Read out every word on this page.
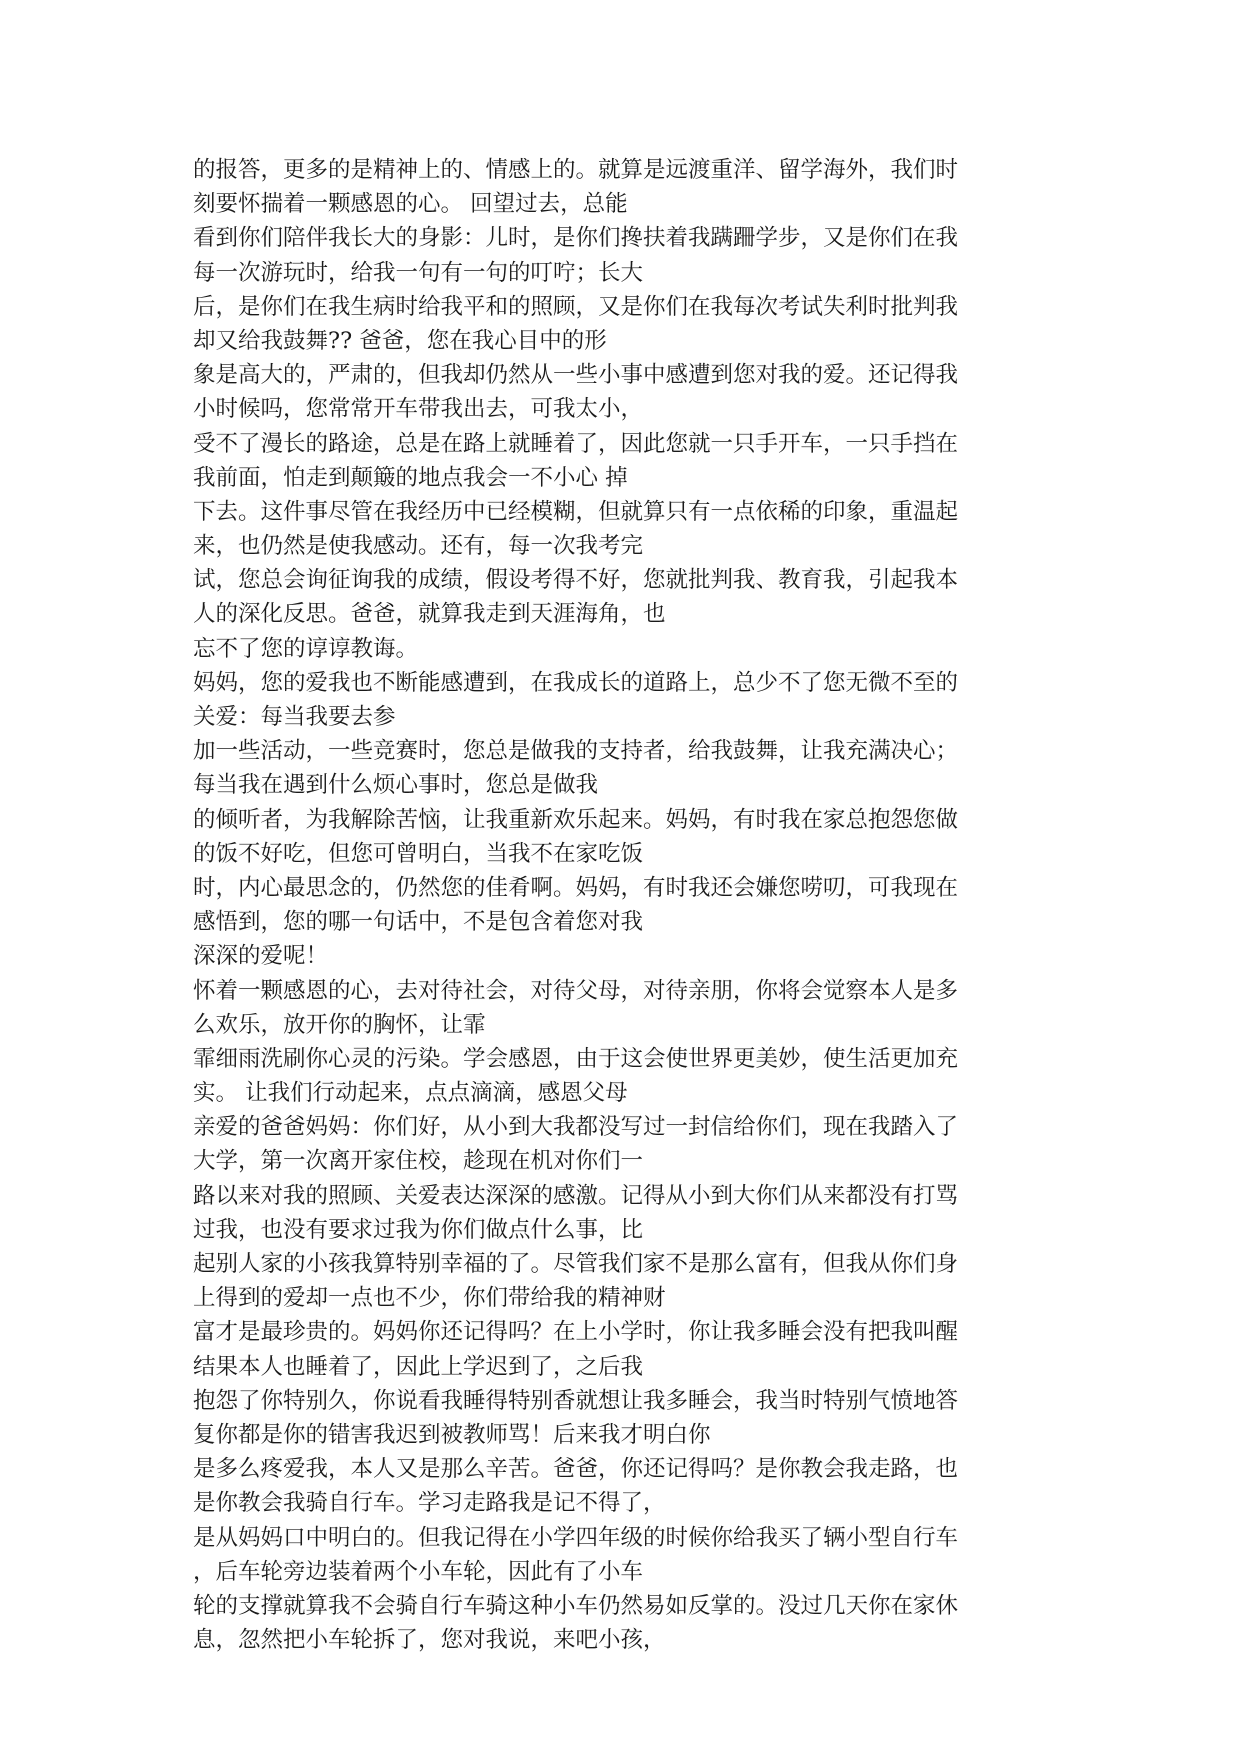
的报答，更多的是精神上的、情感上的。就算是远渡重洋、留学海外，我们时
刻要怀揣着一颗感恩的心。 回望过去，总能
看到你们陪伴我长大的身影：儿时，是你们搀扶着我蹒跚学步，又是你们在我
每一次游玩时，给我一句有一句的叮咛；长大
后，是你们在我生病时给我平和的照顾，又是你们在我每次考试失利时批判我
却又给我鼓舞?? 爸爸，您在我心目中的形
象是高大的，严肃的，但我却仍然从一些小事中感遭到您对我的爱。还记得我
小时候吗，您常常开车带我出去，可我太小，
受不了漫长的路途，总是在路上就睡着了，因此您就一只手开车，一只手挡在
我前面，怕走到颠簸的地点我会一不小心 掉
下去。这件事尽管在我经历中已经模糊，但就算只有一点依稀的印象，重温起
来，也仍然是使我感动。还有，每一次我考完
试，您总会询征询我的成绩，假设考得不好，您就批判我、教育我，引起我本
人的深化反思。爸爸，就算我走到天涯海角，也
忘不了您的谆谆教诲。
妈妈，您的爱我也不断能感遭到，在我成长的道路上，总少不了您无微不至的
关爱：每当我要去参
加一些活动，一些竞赛时，您总是做我的支持者，给我鼓舞，让我充满决心；
每当我在遇到什么烦心事时，您总是做我
的倾听者，为我解除苦恼，让我重新欢乐起来。妈妈，有时我在家总抱怨您做
的饭不好吃，但您可曾明白，当我不在家吃饭
时，内心最思念的，仍然您的佳肴啊。妈妈，有时我还会嫌您唠叨，可我现在
感悟到，您的哪一句话中，不是包含着您对我
深深的爱呢！
怀着一颗感恩的心，去对待社会，对待父母，对待亲朋，你将会觉察本人是多
么欢乐，放开你的胸怀，让霏
霏细雨洗刷你心灵的污染。学会感恩，由于这会使世界更美妙，使生活更加充
实。 让我们行动起来，点点滴滴，感恩父母
亲爱的爸爸妈妈：你们好，从小到大我都没写过一封信给你们，现在我踏入了
大学，第一次离开家住校，趁现在机对你们一
路以来对我的照顾、关爱表达深深的感激。记得从小到大你们从来都没有打骂
过我，也没有要求过我为你们做点什么事，比
起别人家的小孩我算特别幸福的了。尽管我们家不是那么富有，但我从你们身
上得到的爱却一点也不少，你们带给我的精神财
富才是最珍贵的。妈妈你还记得吗？在上小学时，你让我多睡会没有把我叫醒
结果本人也睡着了，因此上学迟到了，之后我
抱怨了你特别久，你说看我睡得特别香就想让我多睡会，我当时特别气愤地答
复你都是你的错害我迟到被教师骂！后来我才明白你
是多么疼爱我，本人又是那么辛苦。爸爸，你还记得吗？是你教会我走路，也
是你教会我骑自行车。学习走路我是记不得了，
是从妈妈口中明白的。但我记得在小学四年级的时候你给我买了辆小型自行车
，后车轮旁边装着两个小车轮，因此有了小车
轮的支撑就算我不会骑自行车骑这种小车仍然易如反掌的。没过几天你在家休
息，忽然把小车轮拆了，您对我说，来吧小孩，
